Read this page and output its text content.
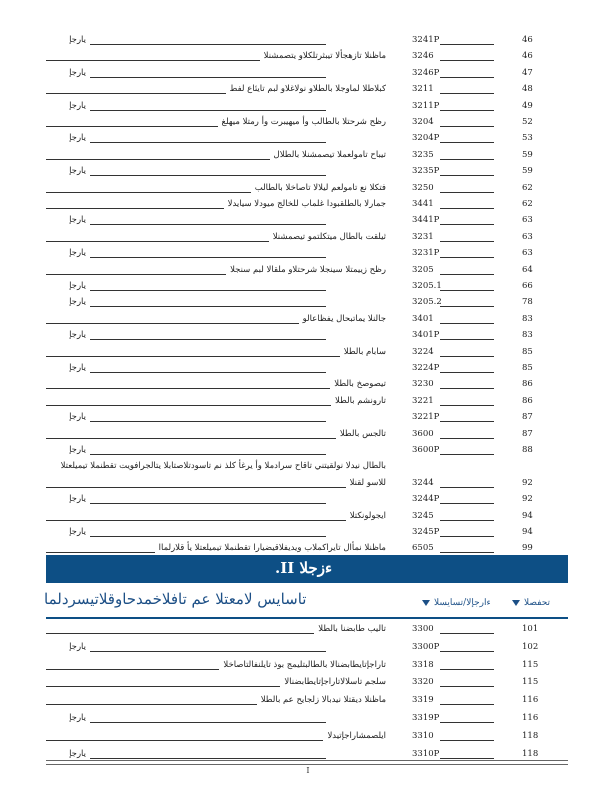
يارجإ	3241P	46
ماظنلا تازهجألا تيبثرتلكلاو يتصمشنلا	3246	46
يارجإ	3246P	47
كبلاطلا لماوجلا بالطلاو نولاغلاو لبم تايئاع لفط	3211	48
يارجإ	3211P	49
رظح شرحتلا بالطالب وأ ميهيبرت وأ رمتلا ميهلغ	3204	52
يارجإ	3204P	53
تيباح تامولعملا تيصمشنلا بالطلال	3235	59
يارجإ	3235P	59
فتكلا نع تامولعم ليلالا تاصاخلا بالطالب	3250	62
جمارلا بالطلقبودا غلماب للخالج ميودلا سيايدلا	3441	62
يارجإ	3441P	63
ثيلقت بالطال ميتكلتمو تيصمشنلا	3231	63
يارجإ	3231P	63
رظح زييمتلا سينجلا شرحتلاو ملقالا لبم سنجلا	3205	64
يارجإ	3205.1	66
يارجإ	3205.2	78
جالنلا يماتبحال يفظاعالو	3401	83
يارجإ	3401P	83
سابام بالطلا	3224	85
يارجإ	3224P	85
تيصوصخ بالطلا	3230	86
تارونشم بالطلا	3221	86
يارجإ	3221P	87
تالجس بالطلا	3600	87
يارجإ	3600P	88
بالطال نيدلا نولقيتني تاقاح سرادملا وأ يرغأ كلذ نم تاسودتلاصتابلا يتالجرافويت تقطنملا تيميلعتلا
للاسو لقنلا	3244	92
يارجإ	3244P	92
ايجولونكتلا	3245	94
يارجإ	3245P	94
ماظنلا نمأال تايراكملاب ويديفلاقيضيارا تقطنملا تيميلعتلا يأ قلارلماا	6505	99
ءزجلا II.
تاسايس لامعتلا عم تافلاخمدحاوقلاتيسردلما	ءارجإلا/تسايسلا	تحفصلا
تاليب طابضنا بالطلا	3300	101
يارجإ	3300P	102
تاراجإتايطابضنالا بالطالبتليمج بوذ تايلنفالتاصاخلا	3318	115
سلجم تاسلالاتاراجإتايطابضنالا	3320	115
ماظنلا ديقتلا نيدبالا زلجايح عم بالطلا	3319	116
يارجإ	3319P	116
ايلصمشاراجإتيدلا	3310	118
يارجإ	3310P	118
I
